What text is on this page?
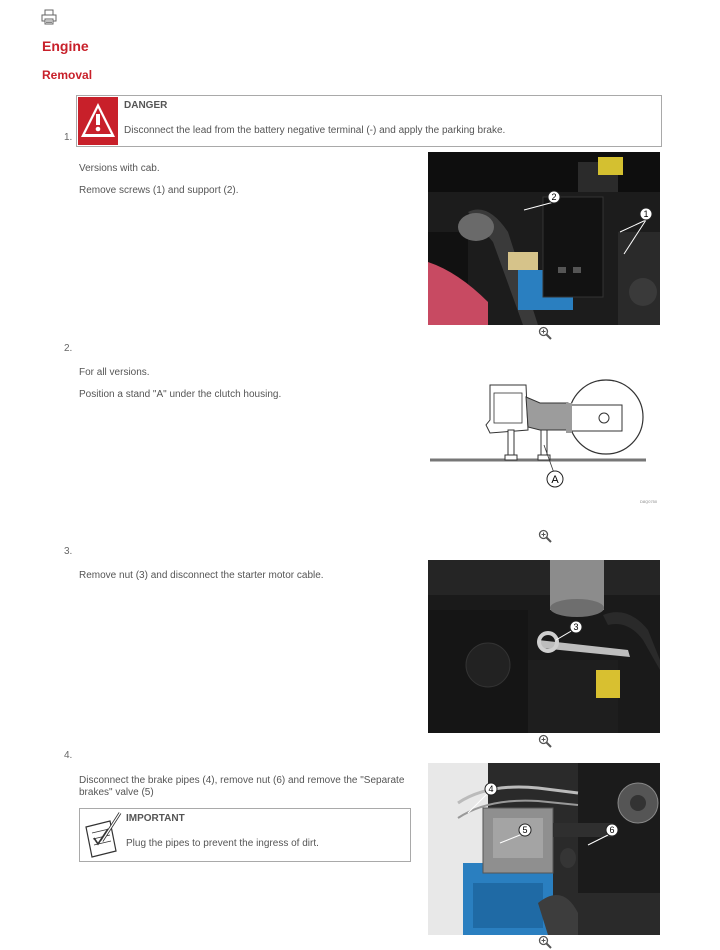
Engine
Removal
DANGER
Disconnect the lead from the battery negative terminal (-) and apply the parking brake.
1.
Versions with cab.
Remove screws (1) and support (2).
2
1
2.
For all versions.
Position a stand "A" under the clutch housing.
A
D8Q0750
3.
Remove nut (3) and disconnect the starter motor cable.
3
4.
Disconnect the brake pipes (4), remove nut (6) and remove the "Separate
brakes" valve (5)
IMPORTANT
Plug the pipes to prevent the ingress of dirt.
4
5	6
